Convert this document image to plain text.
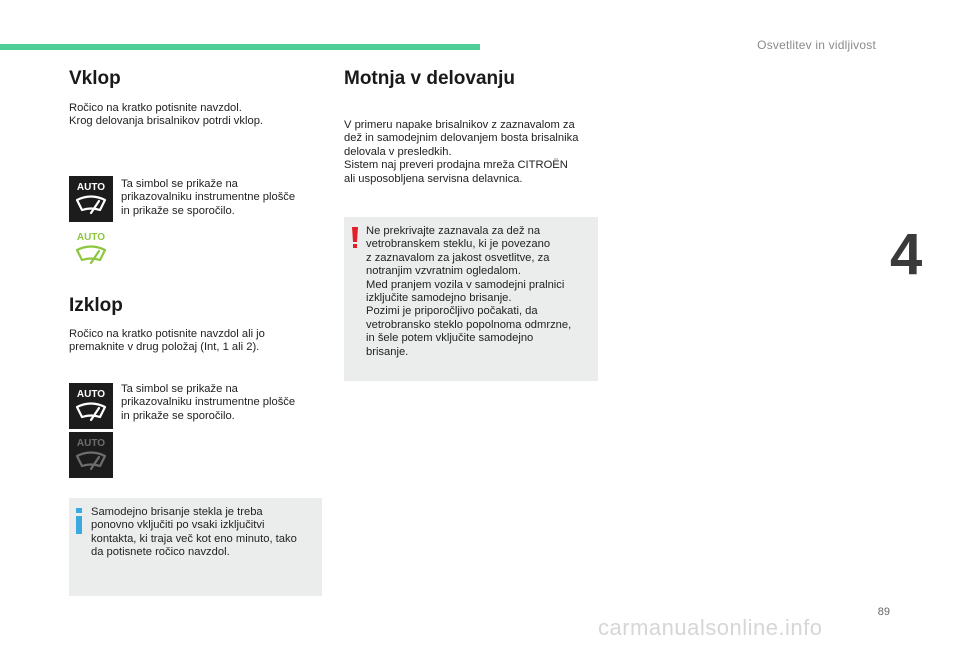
Osvetlitev in vidljivost
4
Vklop
Ročico na kratko potisnite navzdol.
Krog delovanja brisalnikov potrdi vklop.
AUTO Ta simbol se prikaže na
prikazovalniku instrumentne plošče
in prikaže se sporočilo.
AUTO
Izklop
Ročico na kratko potisnite navzdol ali jo
premaknite v drug položaj (Int, 1 ali 2).
AUTO Ta simbol se prikaže na
prikazovalniku instrumentne plošče
in prikaže se sporočilo.
AUTO
Samodejno brisanje stekla je treba
ponovno vključiti po vsaki izključitvi
kontakta, ki traja več kot eno minuto, tako
da potisnete ročico navzdol.
Motnja v delovanju
V primeru napake brisalnikov z zaznavalom za
dež in samodejnim delovanjem bosta brisalnika
delovala v presledkih.
Sistem naj preveri prodajna mreža CITROËN
ali usposobljena servisna delavnica.
Ne prekrivajte zaznavala za dež na
vetrobranskem steklu, ki je povezano
z zaznavalom za jakost osvetlitve, za
notranjim vzvratnim ogledalom.
Med pranjem vozila v samodejni pralnici
izključite samodejno brisanje.
Pozimi je priporočljivo počakati, da
vetrobransko steklo popolnoma odmrzne,
in šele potem vključite samodejno
brisanje.
89
carmanualsonline.info
